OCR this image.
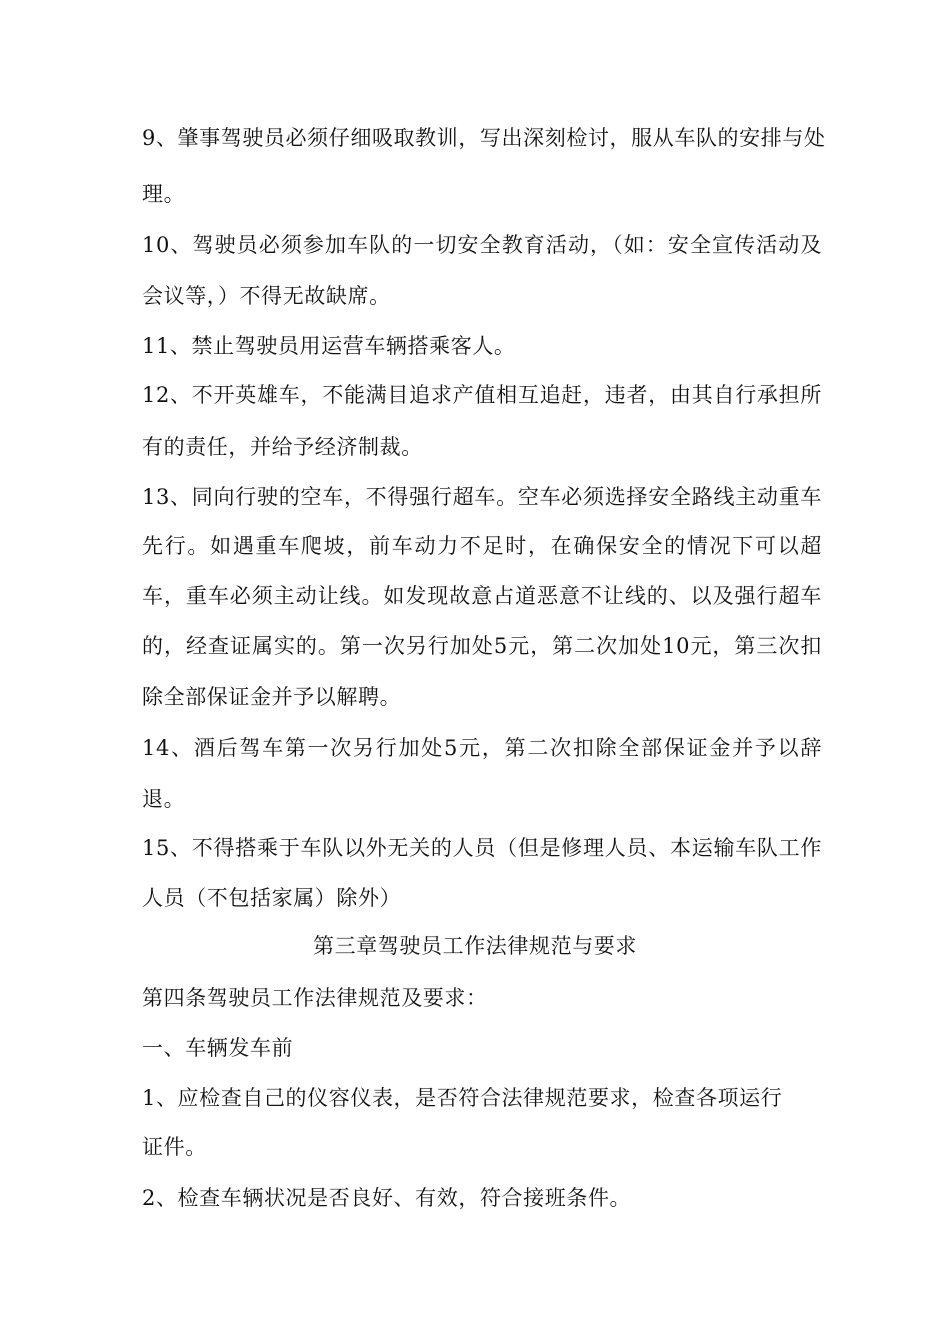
9、肇事驾驶员必须仔细吸取教训，写出深刻检讨，服从车队的安排与处
理。
10、驾驶员必须参加车队的一切安全教育活动，（如：安全宣传活动及
会议等，）不得无故缺席。
11、禁止驾驶员用运营车辆搭乘客人。
12、不开英雄车，不能满目追求产值相互追赶，违者，由其自行承担所
有的责任，并给予经济制裁。
13、同向行驶的空车，不得强行超车。空车必须选择安全路线主动重车
先行。如遇重车爬坡，前车动力不足时，在确保安全的情况下可以超
车，重车必须主动让线。如发现故意占道恶意不让线的、以及强行超车
的，经查证属实的。第一次另行加处5元，第二次加处10元，第三次扣
除全部保证金并予以解聘。
14、酒后驾车第一次另行加处5元，第二次扣除全部保证金并予以辞
退。
15、不得搭乘于车队以外无关的人员（但是修理人员、本运输车队工作
人员（不包括家属）除外）
第三章驾驶员工作法律规范与要求
第四条驾驶员工作法律规范及要求：
一、车辆发车前
1、应检查自己的仪容仪表，是否符合法律规范要求，检查各项运行
证件。
2、检查车辆状况是否良好、有效，符合接班条件。
